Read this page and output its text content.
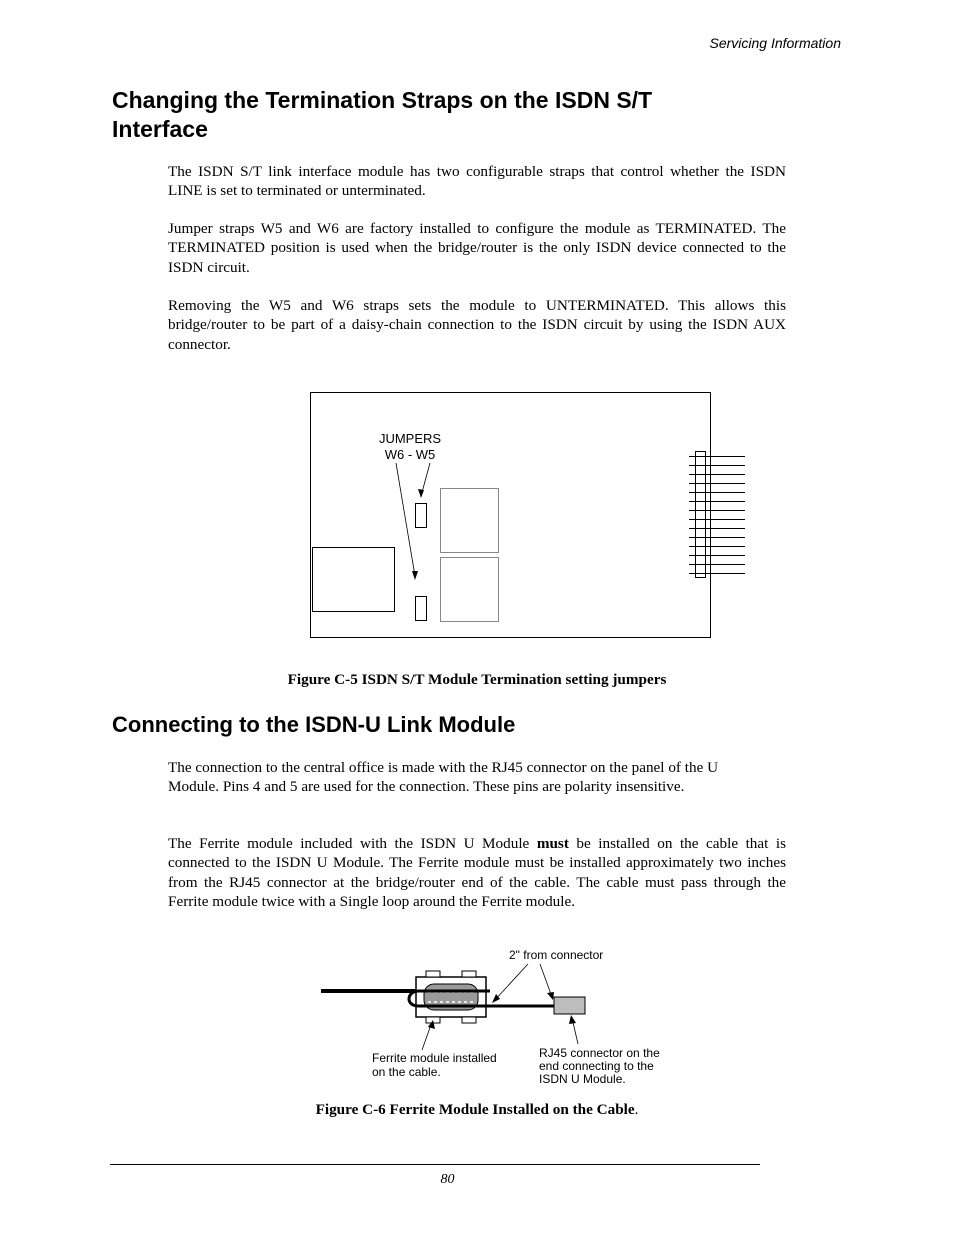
Servicing Information
Changing the Termination Straps on the ISDN S/T Interface

The ISDN S/T link interface module has two configurable straps that control whether the ISDN LINE is set to terminated or unterminated.

Jumper straps W5 and W6 are factory installed to configure the module as TERMINATED. The TERMINATED position is used when the bridge/router is the only ISDN device connected to the ISDN circuit.

Removing the W5 and W6 straps sets the module to UNTERMINATED. This allows this bridge/router to be part of a daisy-chain connection to the ISDN circuit by using the ISDN AUX connector.

JUMPERS
W6 - W5
Figure C-5 ISDN S/T Module Termination setting jumpers
Connecting to the ISDN-U Link Module

The connection to the central office is made with the RJ45 connector on the panel of the U Module. Pins 4 and 5 are used for the connection. These pins are polarity insensitive.

The Ferrite module included with the ISDN U Module must be installed on the cable that is connected to the ISDN U Module. The Ferrite module must be installed approximately two inches from the RJ45 connector at the bridge/router end of the cable. The cable must pass through the Ferrite module twice with a Single loop around the Ferrite module.

2" from connector
Ferrite module installed
on the cable.
RJ45 connector on the
end connecting to the
ISDN U Module.
Figure C-6 Ferrite Module Installed on the Cable.
80
